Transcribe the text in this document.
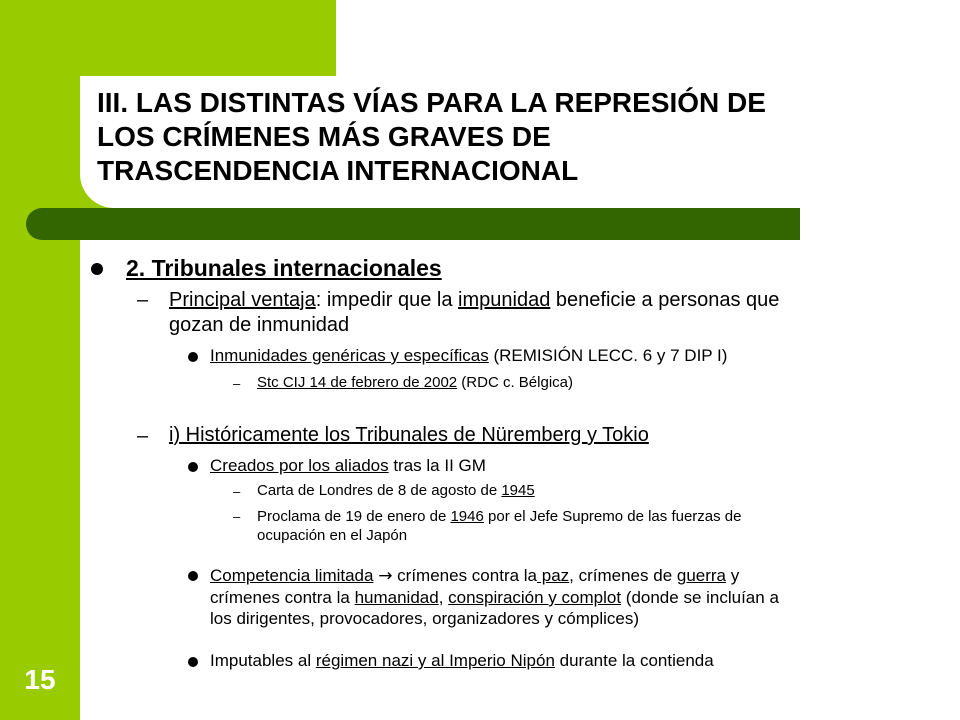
III. LAS DISTINTAS VÍAS PARA LA REPRESIÓN DE
LOS CRÍMENES MÁS GRAVES DE
TRASCENDENCIA INTERNACIONAL
15
2. Tribunales internacionales
– Principal ventaja: impedir que la impunidad beneficie a personas que
gozan de inmunidad
Inmunidades genéricas y específicas (REMISIÓN LECC. 6 y 7 DIP I)
– Stc CIJ 14 de febrero de 2002 (RDC c. Bélgica)
– i) Históricamente los Tribunales de Nüremberg y Tokio
Creados por los aliados tras la II GM
– Carta de Londres de 8 de agosto de 1945
– Proclama de 19 de enero de 1946 por el Jefe Supremo de las fuerzas de
ocupación en el Japón
Competencia limitada → crímenes contra la paz, crímenes de guerra y
crímenes contra la humanidad, conspiración y complot (donde se incluían a
los dirigentes, provocadores, organizadores y cómplices)
Imputables al régimen nazi y al Imperio Nipón durante la contienda
